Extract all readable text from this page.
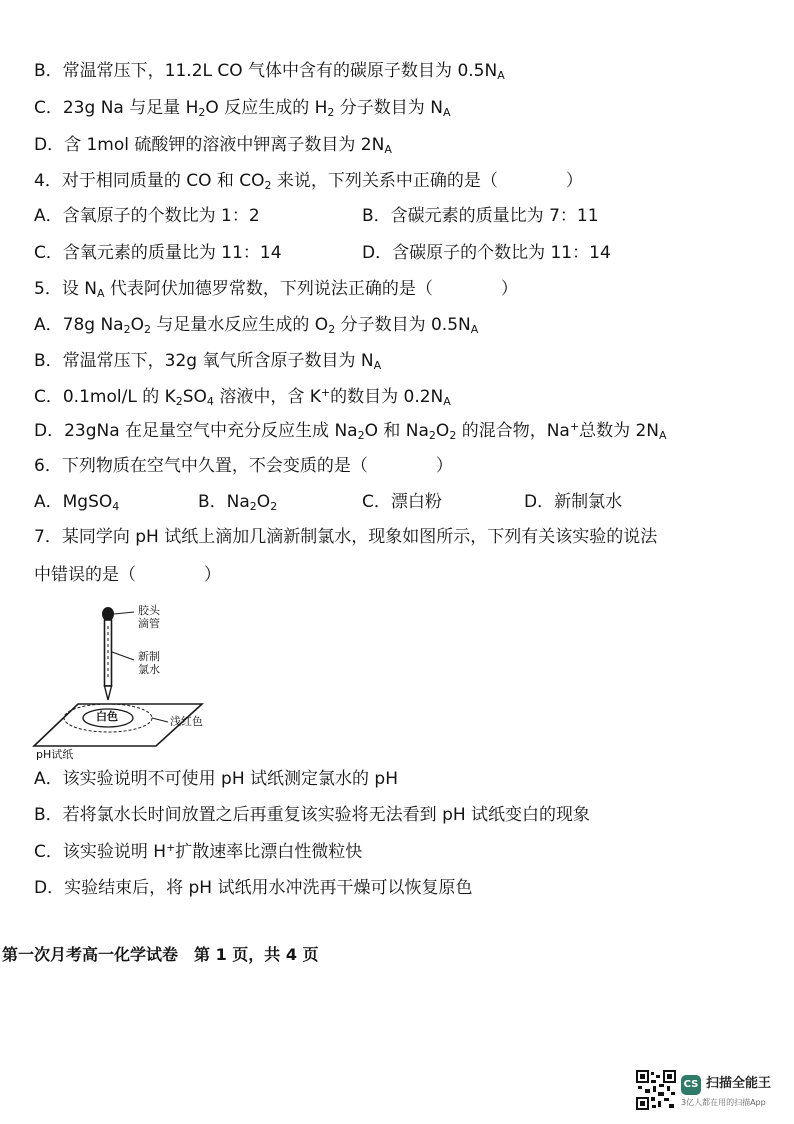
B．常温常压下，11.2L CO 气体中含有的碳原子数目为 $0.5N_A$
C．23g Na 与足量 $H_2O$ 反应生成的 $H_2$ 分子数目为 $N_A$
D．含 1mol 硫酸钾的溶液中钾离子数目为 $2N_A$
4．对于相同质量的 CO 和 $CO_2$ 来说，下列关系中正确的是（　　　　）
A．含氧原子的个数比为 1：2	B．含碳元素的质量比为 7：11
C．含氧元素的质量比为 11：14	D．含碳原子的个数比为 11：14
5．设 $N_A$ 代表阿伏加德罗常数，下列说法正确的是（　　　　）
A．78g $Na_2O_2$ 与足量水反应生成的 $O_2$ 分子数目为 $0.5N_A$
B．常温常压下，32g 氧气所含原子数目为 $N_A$
C．0.1mol/L 的 $K_2SO_4$ 溶液中，含 K+的数目为 $0.2N_A$
D．23gNa 在足量空气中充分反应生成 $Na_2O$ 和 $Na_2O_2$ 的混合物，Na+总数为 $2N_A$
6．下列物质在空气中久置，不会变质的是（　　　　）
A．MgSO$_4$	B．$Na_2O_2$	C．漂白粉	D．新制氯水
7．某同学向 pH 试纸上滴加几滴新制氯水，现象如图所示，下列有关该实验的说法
中错误的是（　　　　）
胶头
滴管
新制
氯水
白色	浅红色
pH试纸
A．该实验说明不可使用 pH 试纸测定氯水的 pH
B．若将氯水长时间放置之后再重复该实验将无法看到 pH 试纸变白的现象
C．该实验说明 H+扩散速率比漂白性微粒快
D．实验结束后，将 pH 试纸用水冲洗再干燥可以恢复原色
第一次月考高一化学试卷　第 1 页，共 4 页
CS 扫描全能王
3亿人都在用的扫描App
